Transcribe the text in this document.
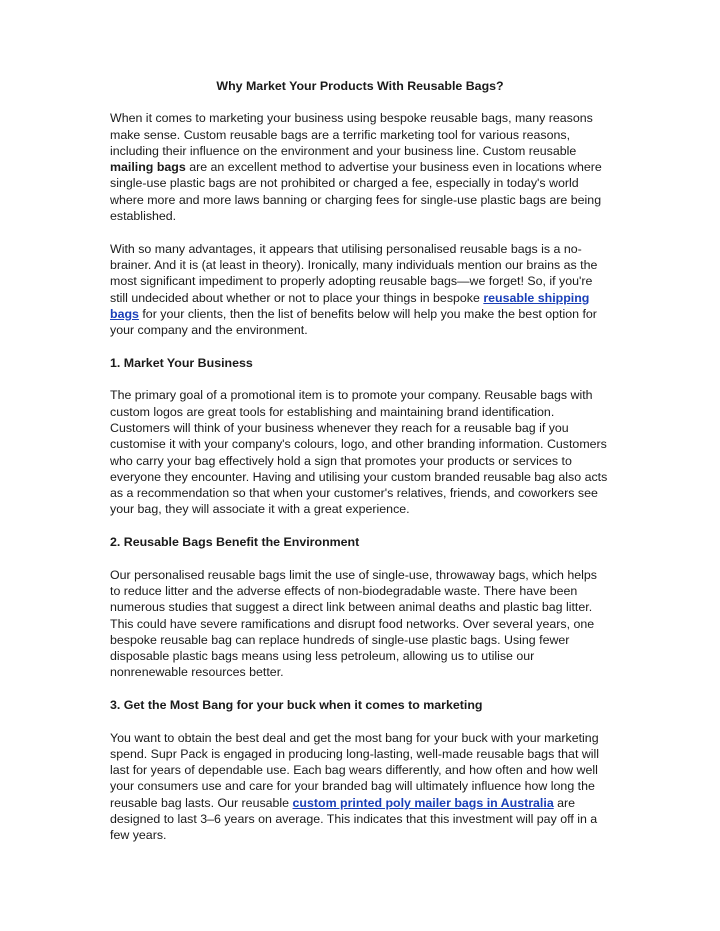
Why Market Your Products With Reusable Bags?

When it comes to marketing your business using bespoke reusable bags, many reasons make sense. Custom reusable bags are a terrific marketing tool for various reasons, including their influence on the environment and your business line. Custom reusable mailing bags are an excellent method to advertise your business even in locations where single-use plastic bags are not prohibited or charged a fee, especially in today's world where more and more laws banning or charging fees for single-use plastic bags are being established.

With so many advantages, it appears that utilising personalised reusable bags is a no-brainer. And it is (at least in theory). Ironically, many individuals mention our brains as the most significant impediment to properly adopting reusable bags—we forget! So, if you're still undecided about whether or not to place your things in bespoke reusable shipping bags for your clients, then the list of benefits below will help you make the best option for your company and the environment.

1. Market Your Business

The primary goal of a promotional item is to promote your company. Reusable bags with custom logos are great tools for establishing and maintaining brand identification. Customers will think of your business whenever they reach for a reusable bag if you customise it with your company's colours, logo, and other branding information. Customers who carry your bag effectively hold a sign that promotes your products or services to everyone they encounter. Having and utilising your custom branded reusable bag also acts as a recommendation so that when your customer's relatives, friends, and coworkers see your bag, they will associate it with a great experience.

2. Reusable Bags Benefit the Environment

Our personalised reusable bags limit the use of single-use, throwaway bags, which helps to reduce litter and the adverse effects of non-biodegradable waste. There have been numerous studies that suggest a direct link between animal deaths and plastic bag litter. This could have severe ramifications and disrupt food networks. Over several years, one bespoke reusable bag can replace hundreds of single-use plastic bags. Using fewer disposable plastic bags means using less petroleum, allowing us to utilise our nonrenewable resources better.

3. Get the Most Bang for your buck when it comes to marketing

You want to obtain the best deal and get the most bang for your buck with your marketing spend. Supr Pack is engaged in producing long-lasting, well-made reusable bags that will last for years of dependable use. Each bag wears differently, and how often and how well your consumers use and care for your branded bag will ultimately influence how long the reusable bag lasts. Our reusable custom printed poly mailer bags in Australia are designed to last 3–6 years on average. This indicates that this investment will pay off in a few years.
